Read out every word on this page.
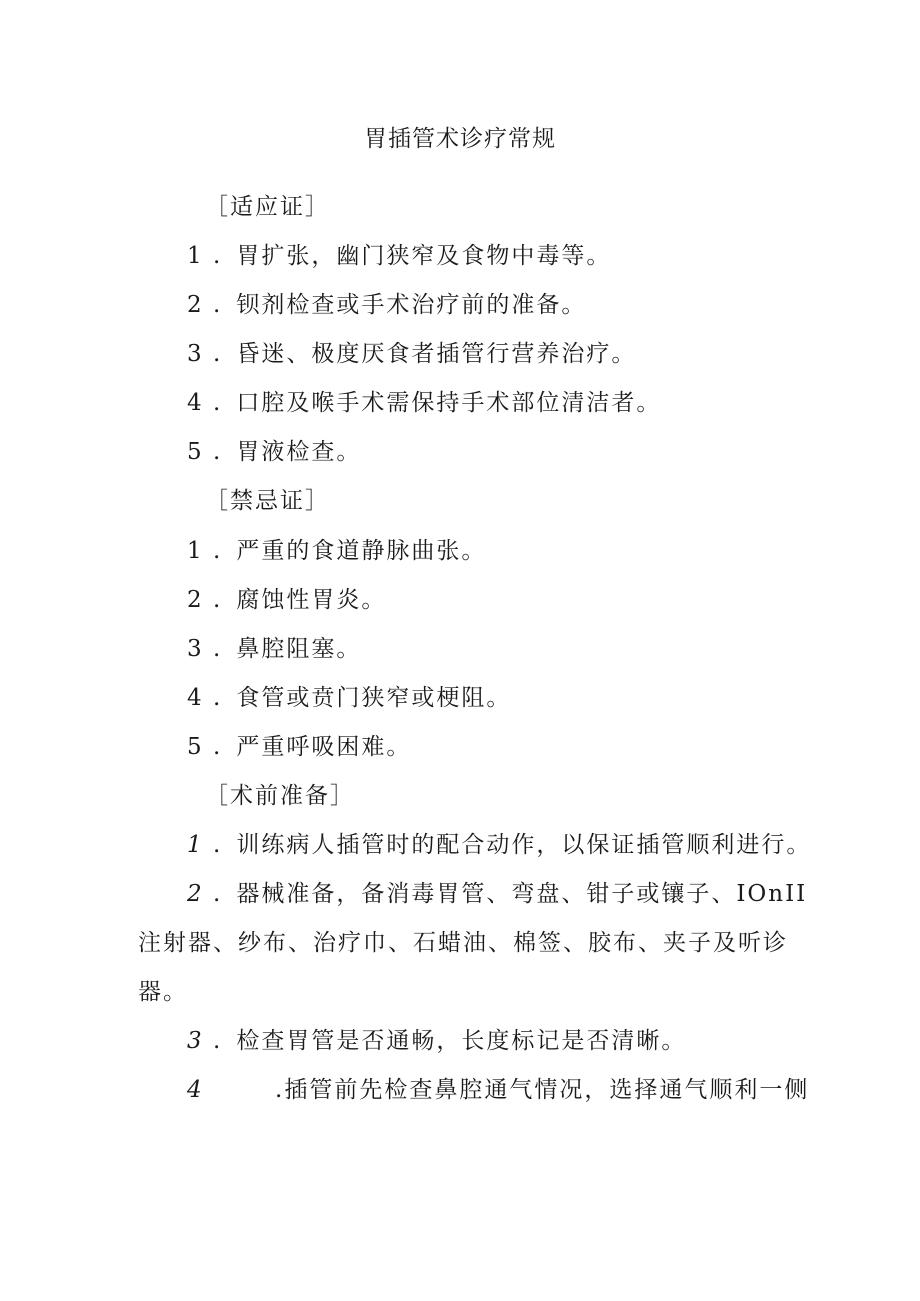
胃插管术诊疗常规
［适应证］
1 . 胃扩张，幽门狭窄及食物中毒等。
2 . 钡剂检查或手术治疗前的准备。
3 . 昏迷、极度厌食者插管行营养治疗。
4 . 口腔及喉手术需保持手术部位清洁者。
5 . 胃液检查。
［禁忌证］
1 . 严重的食道静脉曲张。
2 . 腐蚀性胃炎。
3 . 鼻腔阻塞。
4 . 食管或贲门狭窄或梗阻。
5 . 严重呼吸困难。
［术前准备］
1 . 训练病人插管时的配合动作，以保证插管顺利进行。
2 . 器械准备，备消毒胃管、弯盘、钳子或镶子、IOnII
注射器、纱布、治疗巾、石蜡油、棉签、胶布、夹子及听诊
器。
3 . 检查胃管是否通畅，长度标记是否清晰。
4	.插管前先检查鼻腔通气情况，选择通气顺利一侧
